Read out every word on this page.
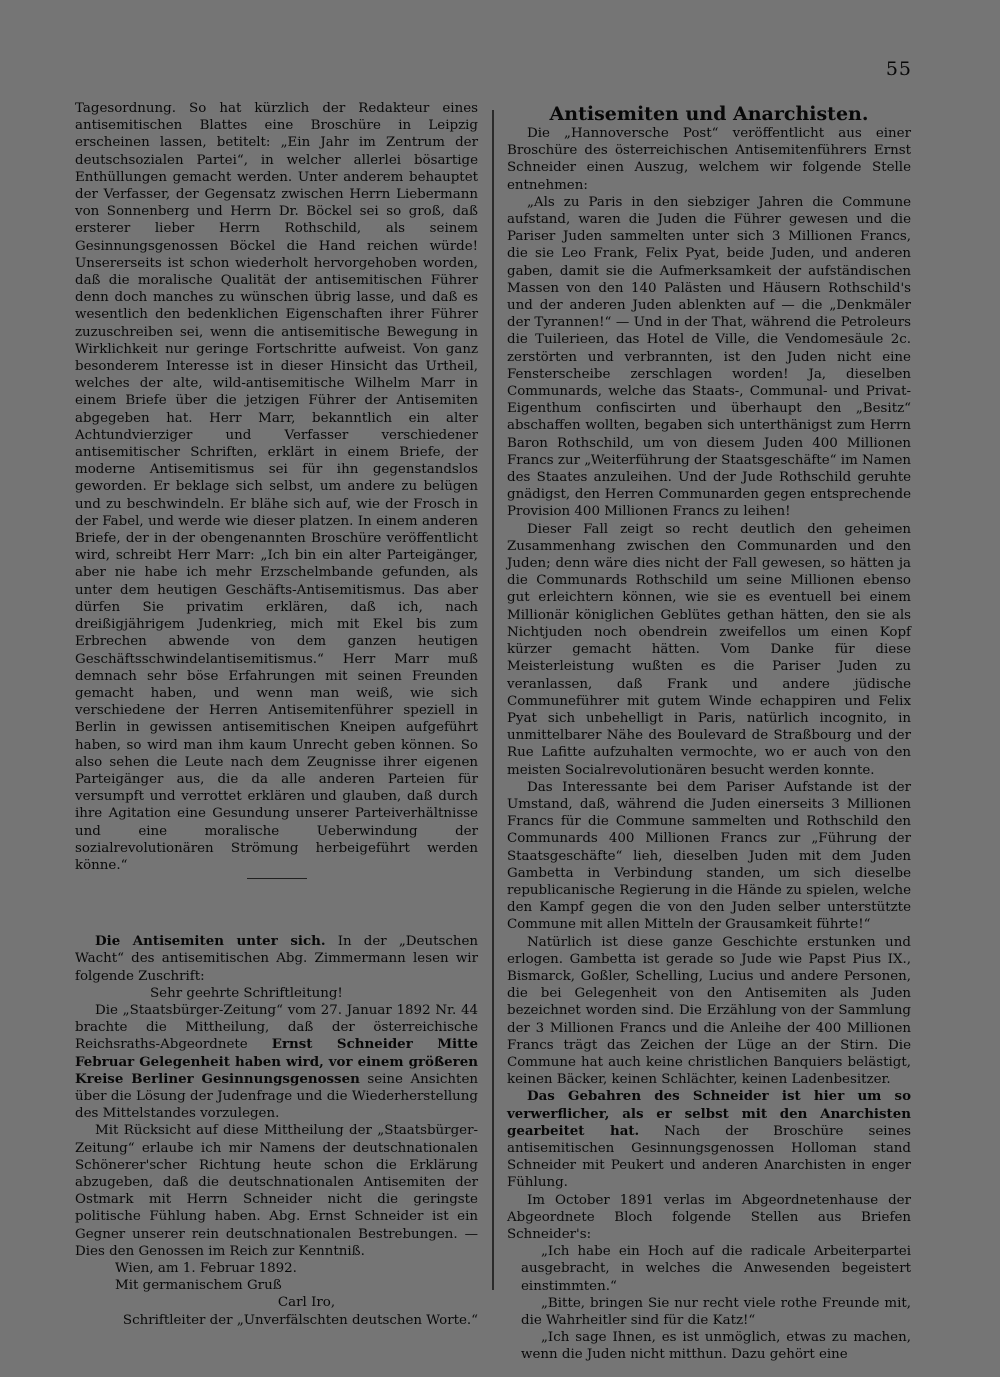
55

Tagesordnung. So hat kürzlich der Redakteur eines antisemitischen Blattes eine Broschüre in Leipzig erscheinen lassen, betitelt: „Ein Jahr im Zentrum der deutschsozialen Partei“, in welcher allerlei bösartige Enthüllungen gemacht werden. Unter anderem behauptet der Verfasser, der Gegensatz zwischen Herrn Liebermann von Sonnenberg und Herrn Dr. Böckel sei so groß, daß ersterer lieber Herrn Rothschild, als seinem Gesinnungsgenossen Böckel die Hand reichen würde! Unsererseits ist schon wiederholt hervorgehoben worden, daß die moralische Qualität der antisemitischen Führer denn doch manches zu wünschen übrig lasse, und daß es wesentlich den bedenklichen Eigenschaften ihrer Führer zuzuschreiben sei, wenn die antisemitische Bewegung in Wirklichkeit nur geringe Fortschritte aufweist. Von ganz besonderem Interesse ist in dieser Hinsicht das Urtheil, welches der alte, wild-antisemitische Wilhelm Marr in einem Briefe über die jetzigen Führer der Antisemiten abgegeben hat. Herr Marr, bekanntlich ein alter Achtundvierziger und Verfasser verschiedener antisemitischer Schriften, erklärt in einem Briefe, der moderne Antisemitismus sei für ihn gegenstandslos geworden. Er beklage sich selbst, um andere zu belügen und zu beschwindeln. Er blähe sich auf, wie der Frosch in der Fabel, und werde wie dieser platzen. In einem anderen Briefe, der in der obengenannten Broschüre veröffentlicht wird, schreibt Herr Marr: „Ich bin ein alter Parteigänger, aber nie habe ich mehr Erzschelmbande gefunden, als unter dem heutigen Geschäfts-Antisemitismus. Das aber dürfen Sie privatim erklären, daß ich, nach dreißigjährigem Judenkrieg, mich mit Ekel bis zum Erbrechen abwende von dem ganzen heutigen Geschäftsschwindelantisemitismus.“ Herr Marr muß demnach sehr böse Erfahrungen mit seinen Freunden gemacht haben, und wenn man weiß, wie sich verschiedene der Herren Antisemitenführer speziell in Berlin in gewissen antisemitischen Kneipen aufgeführt haben, so wird man ihm kaum Unrecht geben können. So also sehen die Leute nach dem Zeugnisse ihrer eigenen Parteigänger aus, die da alle anderen Parteien für versumpft und verrottet erklären und glauben, daß durch ihre Agitation eine Gesundung unserer Parteiverhältnisse und eine moralische Ueberwindung der sozialrevolutionären Strömung herbeigeführt werden könne.“

Die Antisemiten unter sich. In der „Deutschen Wacht“ des antisemitischen Abg. Zimmermann lesen wir folgende Zuschrift:

Sehr geehrte Schriftleitung!

Die „Staatsbürger-Zeitung“ vom 27. Januar 1892 Nr. 44 brachte die Mittheilung, daß der österreichische Reichsraths-Abgeordnete Ernst Schneider Mitte Februar Gelegenheit haben wird, vor einem größeren Kreise Berliner Gesinnungsgenossen seine Ansichten über die Lösung der Judenfrage und die Wiederherstellung des Mittelstandes vorzulegen.

Mit Rücksicht auf diese Mittheilung der „Staatsbürger-Zeitung“ erlaube ich mir Namens der deutschnationalen Schönerer'scher Richtung heute schon die Erklärung abzugeben, daß die deutschnationalen Antisemiten der Ostmark mit Herrn Schneider nicht die geringste politische Fühlung haben. Abg. Ernst Schneider ist ein Gegner unserer rein deutschnationalen Bestrebungen. — Dies den Genossen im Reich zur Kenntniß.

Wien, am 1. Februar 1892.

Mit germanischem Gruß

Carl Iro,

Schriftleiter der „Unverfälschten deutschen Worte.“

Antisemiten und Anarchisten.

Die „Hannoversche Post“ veröffentlicht aus einer Broschüre des österreichischen Antisemitenführers Ernst Schneider einen Auszug, welchem wir folgende Stelle entnehmen:

„Als zu Paris in den siebziger Jahren die Commune aufstand, waren die Juden die Führer gewesen und die Pariser Juden sammelten unter sich 3 Millionen Francs, die sie Leo Frank, Felix Pyat, beide Juden, und anderen gaben, damit sie die Aufmerksamkeit der aufständischen Massen von den 140 Palästen und Häusern Rothschild's und der anderen Juden ablenkten auf — die „Denkmäler der Tyrannen!“ — Und in der That, während die Petroleurs die Tuilerieen, das Hotel de Ville, die Vendomesäule 2c. zerstörten und verbrannten, ist den Juden nicht eine Fensterscheibe zerschlagen worden! Ja, dieselben Communards, welche das Staats-, Communal- und Privat-Eigenthum confiscirten und überhaupt den „Besitz“ abschaffen wollten, begaben sich unterthänigst zum Herrn Baron Rothschild, um von diesem Juden 400 Millionen Francs zur „Weiterführung der Staatsgeschäfte“ im Namen des Staates anzuleihen. Und der Jude Rothschild geruhte gnädigst, den Herren Communarden gegen entsprechende Provision 400 Millionen Francs zu leihen!

Dieser Fall zeigt so recht deutlich den geheimen Zusammenhang zwischen den Communarden und den Juden; denn wäre dies nicht der Fall gewesen, so hätten ja die Communards Rothschild um seine Millionen ebenso gut erleichtern können, wie sie es eventuell bei einem Millionär königlichen Geblütes gethan hätten, den sie als Nichtjuden noch obendrein zweifellos um einen Kopf kürzer gemacht hätten. Vom Danke für diese Meisterleistung wußten es die Pariser Juden zu veranlassen, daß Frank und andere jüdische Communeführer mit gutem Winde echappiren und Felix Pyat sich unbehelligt in Paris, natürlich incognito, in unmittelbarer Nähe des Boulevard de Straßbourg und der Rue Lafitte aufzuhalten vermochte, wo er auch von den meisten Socialrevolutionären besucht werden konnte.

Das Interessante bei dem Pariser Aufstande ist der Umstand, daß, während die Juden einerseits 3 Millionen Francs für die Commune sammelten und Rothschild den Communards 400 Millionen Francs zur „Führung der Staatsgeschäfte“ lieh, dieselben Juden mit dem Juden Gambetta in Verbindung standen, um sich dieselbe republicanische Regierung in die Hände zu spielen, welche den Kampf gegen die von den Juden selber unterstützte Commune mit allen Mitteln der Grausamkeit führte!“

Natürlich ist diese ganze Geschichte erstunken und erlogen. Gambetta ist gerade so Jude wie Papst Pius IX., Bismarck, Goßler, Schelling, Lucius und andere Personen, die bei Gelegenheit von den Antisemiten als Juden bezeichnet worden sind. Die Erzählung von der Sammlung der 3 Millionen Francs und die Anleihe der 400 Millionen Francs trägt das Zeichen der Lüge an der Stirn. Die Commune hat auch keine christlichen Banquiers belästigt, keinen Bäcker, keinen Schlächter, keinen Ladenbesitzer.

Das Gebahren des Schneider ist hier um so verwerflicher, als er selbst mit den Anarchisten gearbeitet hat. Nach der Broschüre seines antisemitischen Gesinnungsgenossen Holloman stand Schneider mit Peukert und anderen Anarchisten in enger Fühlung.

Im October 1891 verlas im Abgeordnetenhause der Abgeordnete Bloch folgende Stellen aus Briefen Schneider's:

„Ich habe ein Hoch auf die radicale Arbeiterpartei ausgebracht, in welches die Anwesenden begeistert einstimmten.“

„Bitte, bringen Sie nur recht viele rothe Freunde mit, die Wahrheitler sind für die Katz!“

„Ich sage Ihnen, es ist unmöglich, etwas zu machen, wenn die Juden nicht mitthun. Dazu gehört eine
